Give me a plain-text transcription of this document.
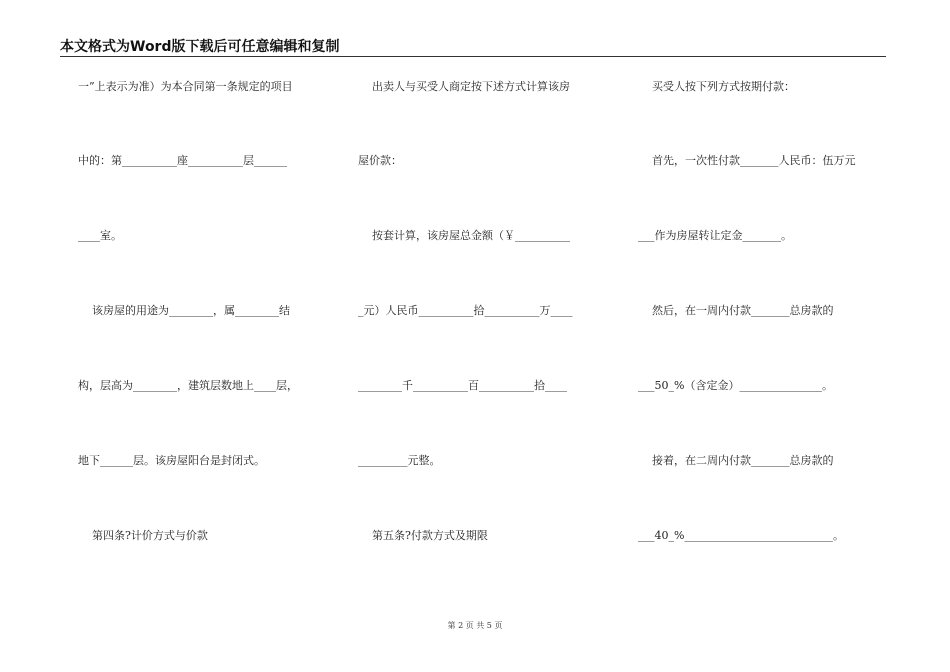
本文格式为Word版下载后可任意编辑和复制
一”上表示为准）为本合同第一条规定的项目
中的：第__________座__________层______
____室。
该房屋的用途为________，属________结
构，层高为________，建筑层数地上____层，
地下______层。该房屋阳台是封闭式。
第四条?计价方式与价款
出卖人与买受人商定按下述方式计算该房
屋价款：
按套计算，该房屋总金额（￥__________
_元）人民币__________拾__________万____
________千__________百__________拾____
_________元整。
第五条?付款方式及期限
买受人按下列方式按期付款：
首先，一次性付款_______人民币：伍万元
___作为房屋转让定金_______。
然后，在一周内付款_______总房款的
___50_%（含定金）_______________。
接着，在二周内付款_______总房款的
___40_%___________________________。
第 2 页 共 5 页
